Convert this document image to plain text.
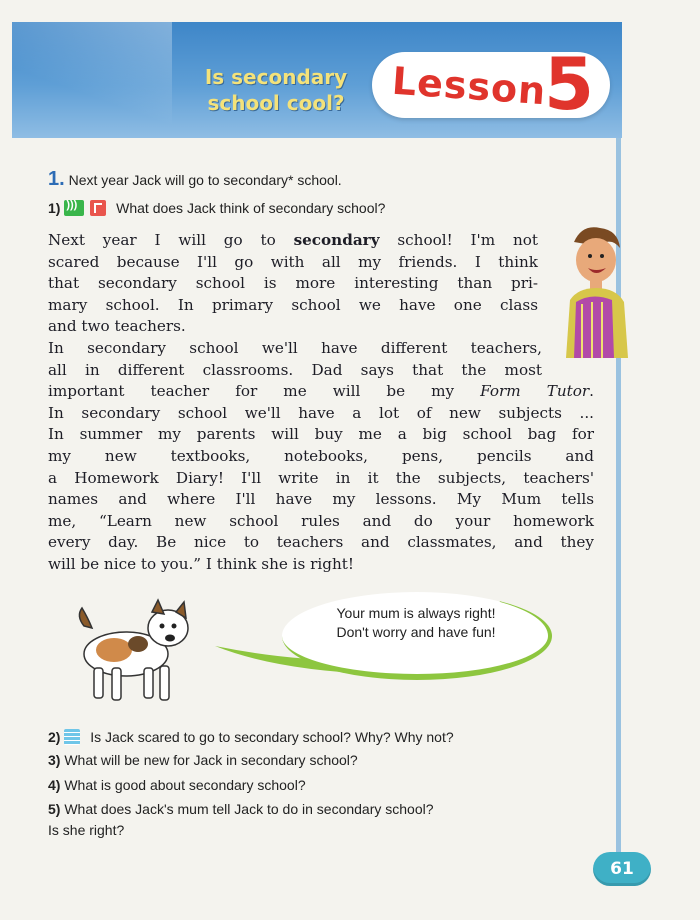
Is secondary
school cool?	Lesson
5
1. Next year Jack will go to secondary* school.
1) )))	What does Jack think of secondary school?
Next year I will go to secondary school! I'm not
scared because I'll go with all my friends. I think
that secondary school is more interesting than pri-
mary school. In primary school we have one class
and two teachers.
In secondary school we'll have different teachers,
all in different classrooms. Dad says that the most
important teacher for me will be my Form Tutor.
In secondary school we'll have a lot of new subjects ...
In summer my parents will buy me a big school bag for
my new textbooks, notebooks, pens, pencils and
a Homework Diary! I'll write in it the subjects, teachers'
names and where I'll have my lessons. My Mum tells
me, “Learn new school rules and do your homework
every day. Be nice to teachers and classmates, and they
will be nice to you.” I think she is right!
Your mum is always right!
Don't worry and have fun!
2) Is Jack scared to go to secondary school? Why? Why not?
3) What will be new for Jack in secondary school?
4) What is good about secondary school?
5) What does Jack's mum tell Jack to do in secondary school?
Is she right?
61
